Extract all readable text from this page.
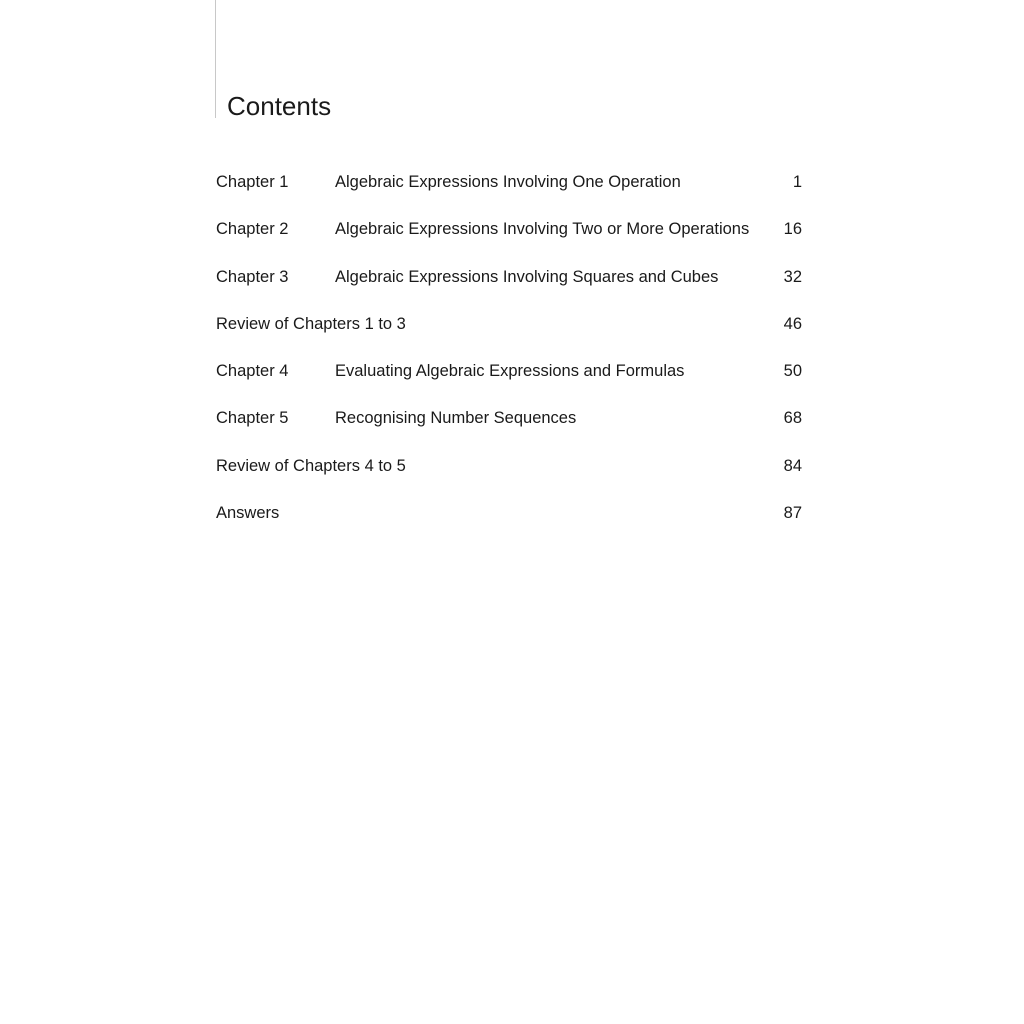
Contents
Chapter 1	Algebraic Expressions Involving One Operation	1
Chapter 2	Algebraic Expressions Involving Two or More Operations 16
Chapter 3	Algebraic Expressions Involving Squares and Cubes	32
Review of Chapters 1 to 3	46
Chapter 4	Evaluating Algebraic Expressions and Formulas	50
Chapter 5	Recognising Number Sequences	68
Review of Chapters 4 to 5	84
Answers	87
